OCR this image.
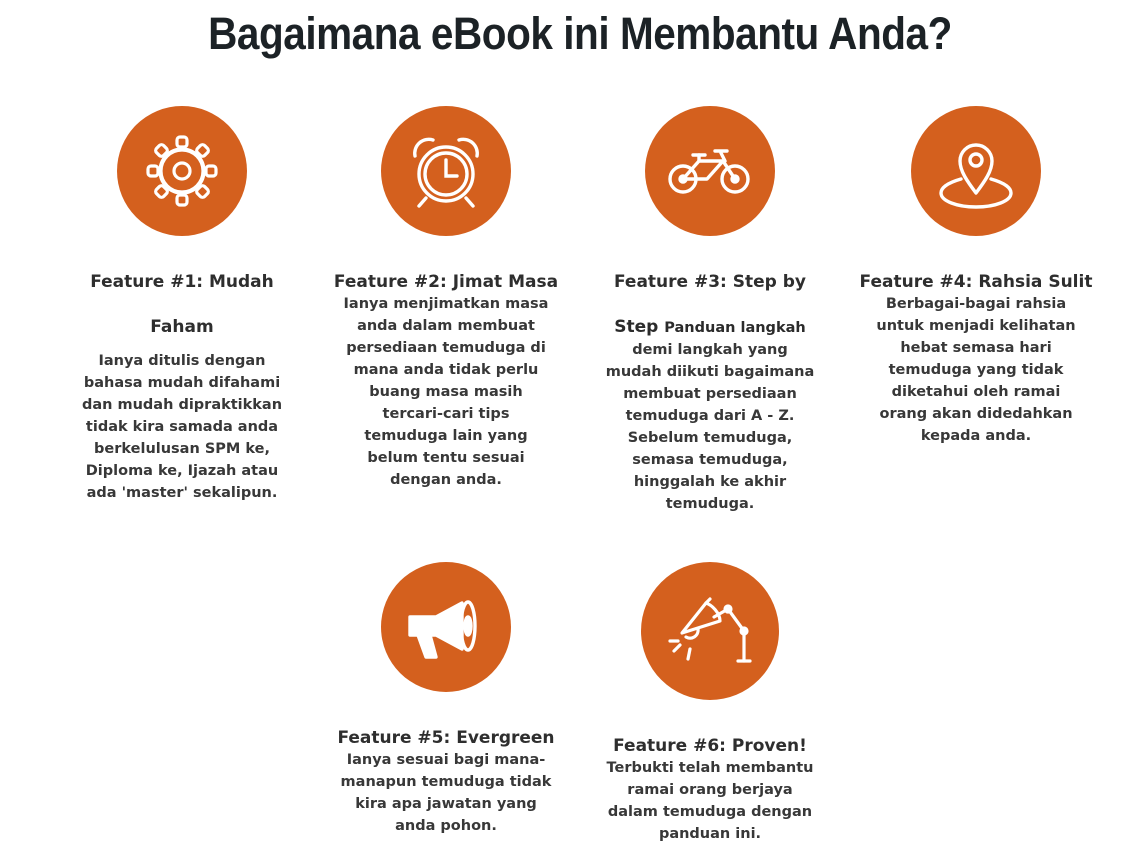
Bagaimana eBook ini Membantu Anda?
Feature #1: Mudah
Faham

Ianya ditulis dengan bahasa mudah difahami dan mudah dipraktikkan tidak kira samada anda berkelulusan SPM ke, Diploma ke, Ijazah atau ada 'master' sekalipun.

Feature #2: Jimat Masa

Ianya menjimatkan masa anda dalam membuat persediaan temuduga di mana anda tidak perlu buang masa masih tercari-cari tips temuduga lain yang belum tentu sesuai dengan anda.

Feature #3: Step by
Step Panduan langkah

demi langkah yang mudah diikuti bagaimana membuat persediaan temuduga dari A - Z. Sebelum temuduga, semasa temuduga, hinggalah ke akhir temuduga.

Feature #4: Rahsia Sulit

Berbagai-bagai rahsia untuk menjadi kelihatan hebat semasa hari temuduga yang tidak diketahui oleh ramai orang akan didedahkan kepada anda.

Feature #5: Evergreen

Ianya sesuai bagi mana-manapun temuduga tidak kira apa jawatan yang anda pohon.

Feature #6: Proven!

Terbukti telah membantu ramai orang berjaya dalam temuduga dengan panduan ini.
